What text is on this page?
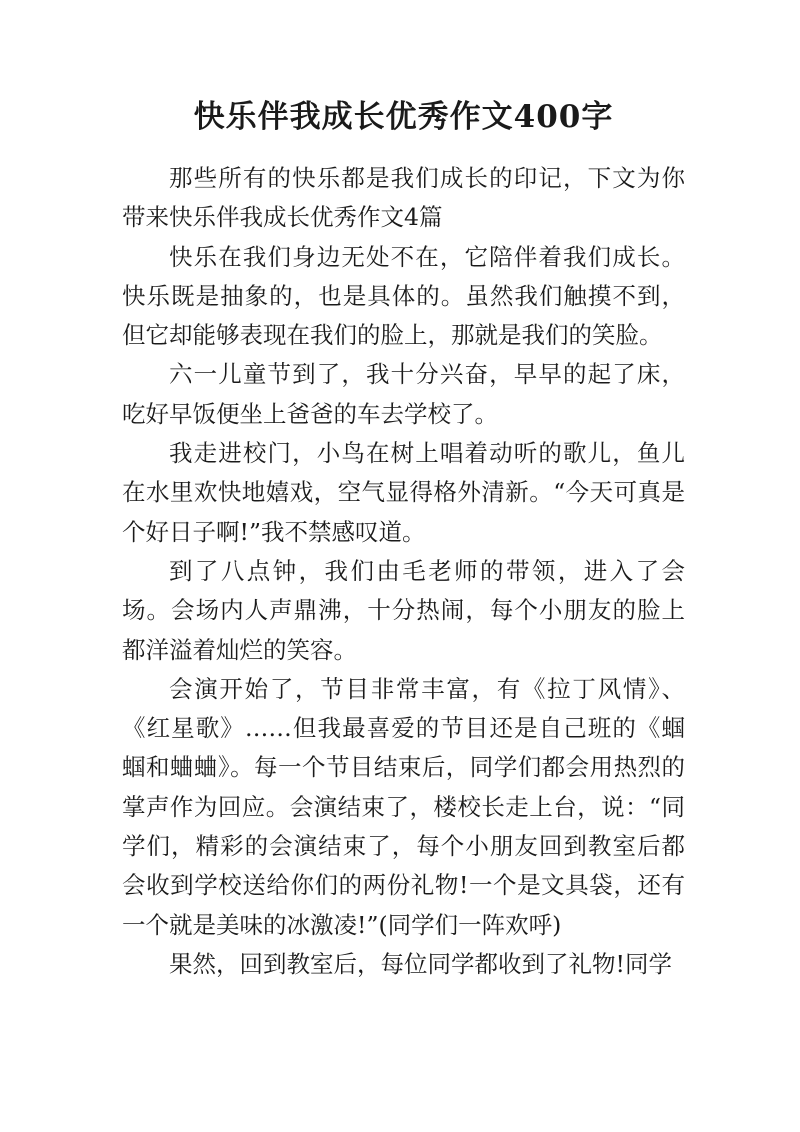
快乐伴我成长优秀作文400字

那些所有的快乐都是我们成长的印记，下文为你带来快乐伴我成长优秀作文4篇

快乐在我们身边无处不在，它陪伴着我们成长。快乐既是抽象的，也是具体的。虽然我们触摸不到，但它却能够表现在我们的脸上，那就是我们的笑脸。

六一儿童节到了，我十分兴奋，早早的起了床，吃好早饭便坐上爸爸的车去学校了。

我走进校门，小鸟在树上唱着动听的歌儿，鱼儿在水里欢快地嬉戏，空气显得格外清新。“今天可真是个好日子啊!”我不禁感叹道。

到了八点钟，我们由毛老师的带领，进入了会场。会场内人声鼎沸，十分热闹，每个小朋友的脸上都洋溢着灿烂的笑容。

会演开始了，节目非常丰富，有《拉丁风情》、《红星歌》……但我最喜爱的节目还是自己班的《蝈蝈和蛐蛐》。每一个节目结束后，同学们都会用热烈的掌声作为回应。会演结束了，楼校长走上台，说：“同学们，精彩的会演结束了，每个小朋友回到教室后都会收到学校送给你们的两份礼物!一个是文具袋，还有一个就是美味的冰激凌!”(同学们一阵欢呼)

果然，回到教室后，每位同学都收到了礼物!同学
